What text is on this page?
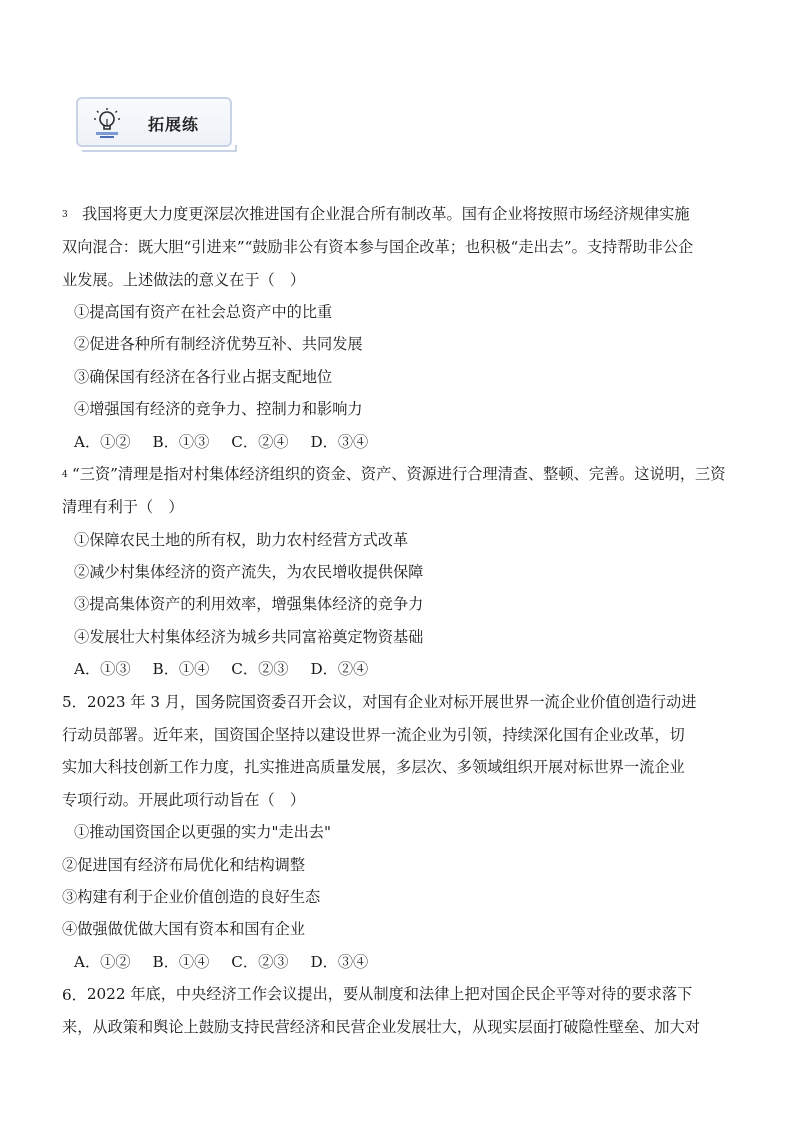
拓展练
3 我国将更大力度更深层次推进国有企业混合所有制改革。国有企业将按照市场经济规律实施
双向混合：既大胆“引进来”“鼓励非公有资本参与国企改革；也积极“走出去”。支持帮助非公企
业发展。上述做法的意义在于（　）
①提高国有资产在社会总资产中的比重
②促进各种所有制经济优势互补、共同发展
③确保国有经济在各行业占据支配地位
④增强国有经济的竞争力、控制力和影响力
A．①② B．①③ C．②④ D．③④
4 “三资”清理是指对村集体经济组织的资金、资产、资源进行合理清查、整顿、完善。这说明，三资
清理有利于（　）
①保障农民土地的所有权，助力农村经营方式改革
②减少村集体经济的资产流失，为农民增收提供保障
③提高集体资产的利用效率，增强集体经济的竞争力
④发展壮大村集体经济为城乡共同富裕奠定物资基础
A．①③ B．①④ C．②③ D．②④
5．2023 年 3 月，国务院国资委召开会议，对国有企业对标开展世界一流企业价值创造行动进
行动员部署。近年来，国资国企坚持以建设世界一流企业为引领，持续深化国有企业改革，切
实加大科技创新工作力度，扎实推进高质量发展，多层次、多领域组织开展对标世界一流企业
专项行动。开展此项行动旨在（　）
①推动国资国企以更强的实力"走出去"
②促进国有经济布局优化和结构调整
③构建有利于企业价值创造的良好生态
④做强做优做大国有资本和国有企业
A．①② B．①④ C．②③ D．③④
6．2022 年底，中央经济工作会议提出，要从制度和法律上把对国企民企平等对待的要求落下
来，从政策和舆论上鼓励支持民营经济和民营企业发展壮大，从现实层面打破隐性壁垒、加大对
